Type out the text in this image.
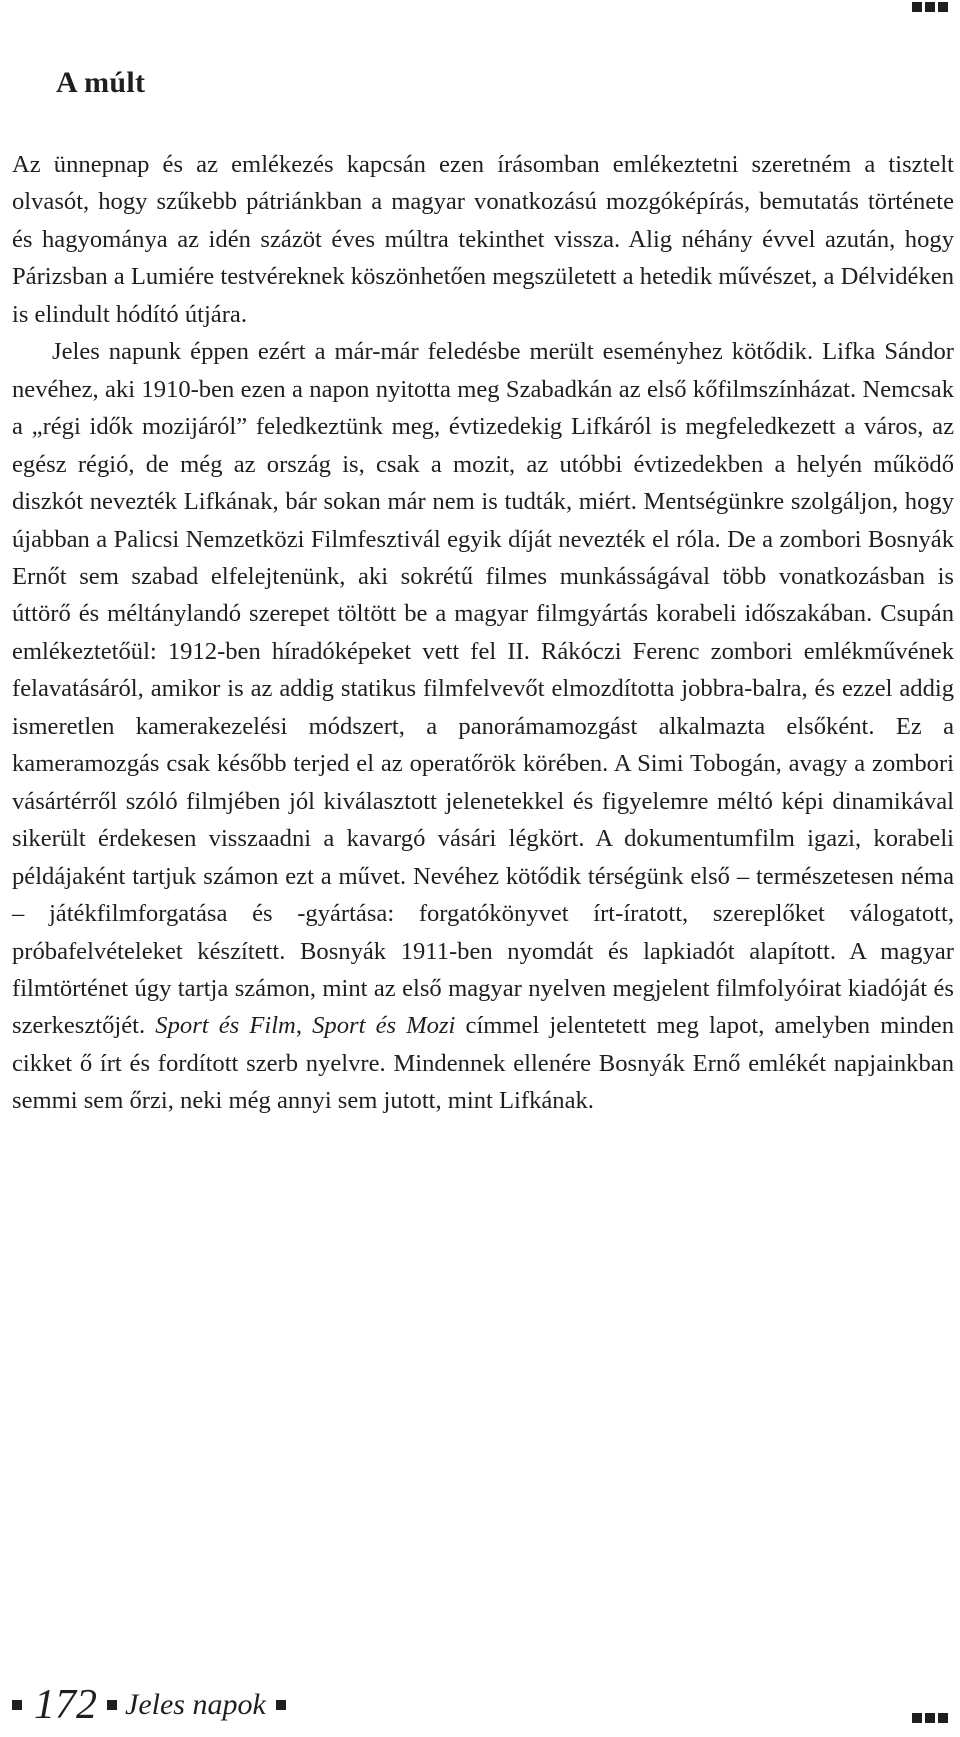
A múlt

Az ünnepnap és az emlékezés kapcsán ezen írásomban emlékeztetni szeretném a tisztelt olvasót, hogy szűkebb pátriánkban a magyar vonatkozású mozgóképírás, bemutatás története és hagyománya az idén százöt éves múltra tekinthet vissza. Alig néhány évvel azután, hogy Párizsban a Lumiére testvéreknek köszönhetően megszületett a hetedik művészet, a Délvidéken is elindult hódító útjára.

Jeles napunk éppen ezért a már-már feledésbe merült eseményhez kötődik. Lifka Sándor nevéhez, aki 1910-ben ezen a napon nyitotta meg Szabadkán az első kőfilmszínházat. Nemcsak a „régi idők mozijáról” feledkeztünk meg, évtizedekig Lifkáról is megfeledkezett a város, az egész régió, de még az ország is, csak a mozit, az utóbbi évtizedekben a helyén működő diszkót nevezték Lifkának, bár sokan már nem is tudták, miért. Mentségünkre szolgáljon, hogy újabban a Palicsi Nemzetközi Filmfesztivál egyik díját nevezték el róla. De a zombori Bosnyák Ernőt sem szabad elfelejtenünk, aki sokrétű filmes munkásságával több vonatkozásban is úttörő és méltánylandó szerepet töltött be a magyar filmgyártás korabeli időszakában. Csupán emlékeztetőül: 1912-ben híradóképeket vett fel II. Rákóczi Ferenc zombori emlékművének felavatásáról, amikor is az addig statikus filmfelvevőt elmozdította jobbra-balra, és ezzel addig ismeretlen kamerakezelési módszert, a panorámamozgást alkalmazta elsőként. Ez a kameramozgás csak később terjed el az operatőrök körében. A Simi Tobogán, avagy a zombori vásártérről szóló filmjében jól kiválasztott jelenetekkel és figyelemre méltó képi dinamikával sikerült érdekesen visszaadni a kavargó vásári légkört. A dokumentumfilm igazi, korabeli példájaként tartjuk számon ezt a művet. Nevéhez kötődik térségünk első – természetesen néma – játékfilmforgatása és -gyártása: forgatókönyvet írt-íratott, szereplőket válogatott, próbafelvételeket készített. Bosnyák 1911-ben nyomdát és lapkiadót alapított. A magyar filmtörténet úgy tartja számon, mint az első magyar nyelven megjelent filmfolyóirat kiadóját és szerkesztőjét. Sport és Film, Sport és Mozi címmel jelentetett meg lapot, amelyben minden cikket ő írt és fordított szerb nyelvre. Mindennek ellenére Bosnyák Ernő emlékét napjainkban semmi sem őrzi, neki még annyi sem jutott, mint Lifkának.

172 Jeles napok
